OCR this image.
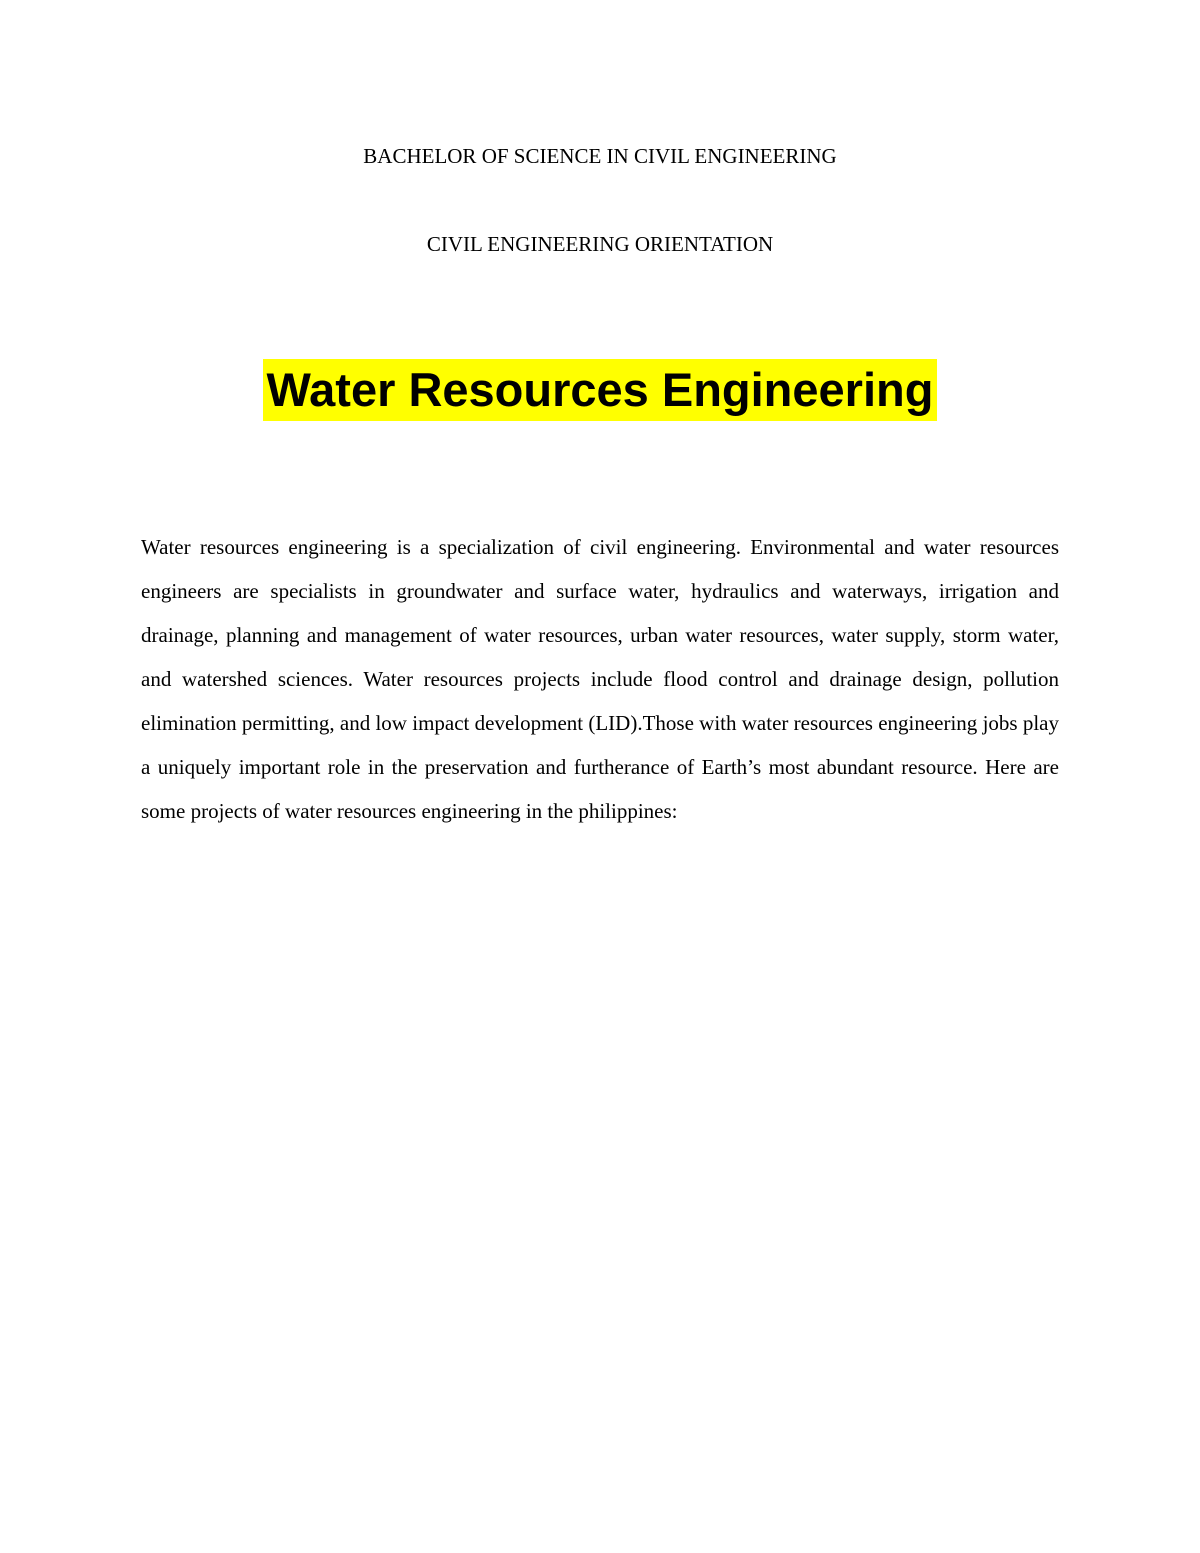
BACHELOR OF SCIENCE IN CIVIL ENGINEERING
CIVIL ENGINEERING ORIENTATION
Water Resources Engineering

Water resources engineering is a specialization of civil engineering. Environmental and water resources engineers are specialists in groundwater and surface water, hydraulics and waterways, irrigation and drainage, planning and management of water resources, urban water resources, water supply, storm water, and watershed sciences. Water resources projects include flood control and drainage design, pollution elimination permitting, and low impact development (LID).Those with water resources engineering jobs play a uniquely important role in the preservation and furtherance of Earth’s most abundant resource. Here are some projects of water resources engineering in the philippines:
